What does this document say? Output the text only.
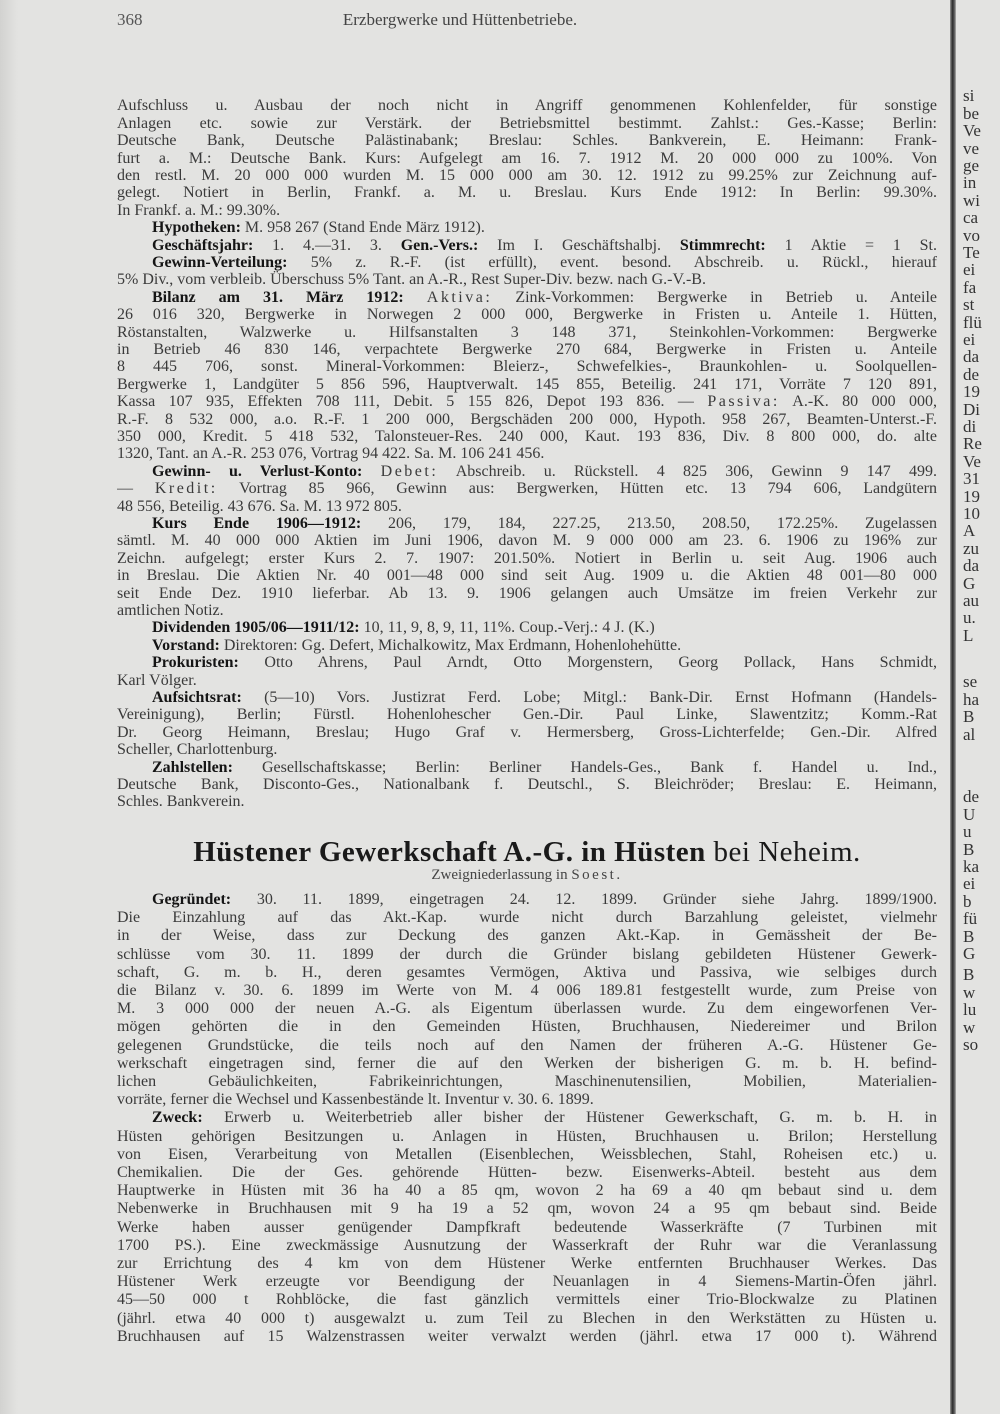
368	Erzbergwerke und Hüttenbetriebe.
Aufschluss u. Ausbau der noch nicht in Angriff genommenen Kohlenfelder, für sonstige
Anlagen etc. sowie zur Verstärk. der Betriebsmittel bestimmt. Zahlst.: Ges.-Kasse; Berlin:
Deutsche Bank, Deutsche Palästinabank; Breslau: Schles. Bankverein, E. Heimann: Frank-
furt a. M.: Deutsche Bank. Kurs: Aufgelegt am 16. 7. 1912 M. 20 000 000 zu 100%. Von
den restl. M. 20 000 000 wurden M. 15 000 000 am 30. 12. 1912 zu 99.25% zur Zeichnung auf-
gelegt. Notiert in Berlin, Frankf. a. M. u. Breslau. Kurs Ende 1912: In Berlin: 99.30%.
In Frankf. a. M.: 99.30%.
Hypotheken: M. 958 267 (Stand Ende März 1912).
Geschäftsjahr: 1. 4.—31. 3. Gen.-Vers.: Im I. Geschäftshalbj. Stimmrecht: 1 Aktie = 1 St.
Gewinn-Verteilung: 5% z. R.-F. (ist erfüllt), event. besond. Abschreib. u. Rückl., hierauf
5% Div., vom verbleib. Überschuss 5% Tant. an A.-R., Rest Super-Div. bezw. nach G.-V.-B.
Bilanz am 31. März 1912: Aktiva: Zink-Vorkommen: Bergwerke in Betrieb u. Anteile
26 016 320, Bergwerke in Norwegen 2 000 000, Bergwerke in Fristen u. Anteile 1. Hütten,
Röstanstalten, Walzwerke u. Hilfsanstalten 3 148 371, Steinkohlen-Vorkommen: Bergwerke
in Betrieb 46 830 146, verpachtete Bergwerke 270 684, Bergwerke in Fristen u. Anteile
8 445 706, sonst. Mineral-Vorkommen: Bleierz-, Schwefelkies-, Braunkohlen- u. Soolquellen-
Bergwerke 1, Landgüter 5 856 596, Hauptverwalt. 145 855, Beteilig. 241 171, Vorräte 7 120 891,
Kassa 107 935, Effekten 708 111, Debit. 5 155 826, Depot 193 836. — Passiva: A.-K. 80 000 000,
R.-F. 8 532 000, a.o. R.-F. 1 200 000, Bergschäden 200 000, Hypoth. 958 267, Beamten-Unterst.-F.
350 000, Kredit. 5 418 532, Talonsteuer-Res. 240 000, Kaut. 193 836, Div. 8 800 000, do. alte
1320, Tant. an A.-R. 253 076, Vortrag 94 422. Sa. M. 106 241 456.
Gewinn- u. Verlust-Konto: Debet: Abschreib. u. Rückstell. 4 825 306, Gewinn 9 147 499.
— Kredit: Vortrag 85 966, Gewinn aus: Bergwerken, Hütten etc. 13 794 606, Landgütern
48 556, Beteilig. 43 676. Sa. M. 13 972 805.
Kurs Ende 1906—1912: 206, 179, 184, 227.25, 213.50, 208.50, 172.25%. Zugelassen
sämtl. M. 40 000 000 Aktien im Juni 1906, davon M. 9 000 000 am 23. 6. 1906 zu 196% zur
Zeichn. aufgelegt; erster Kurs 2. 7. 1907: 201.50%. Notiert in Berlin u. seit Aug. 1906 auch
in Breslau. Die Aktien Nr. 40 001—48 000 sind seit Aug. 1909 u. die Aktien 48 001—80 000
seit Ende Dez. 1910 lieferbar. Ab 13. 9. 1906 gelangen auch Umsätze im freien Verkehr zur
amtlichen Notiz.
Dividenden 1905/06—1911/12: 10, 11, 9, 8, 9, 11, 11%. Coup.-Verj.: 4 J. (K.)
Vorstand: Direktoren: Gg. Defert, Michalkowitz, Max Erdmann, Hohenlohehütte.
Prokuristen: Otto Ahrens, Paul Arndt, Otto Morgenstern, Georg Pollack, Hans Schmidt,
Karl Völger.
Aufsichtsrat: (5—10) Vors. Justizrat Ferd. Lobe; Mitgl.: Bank-Dir. Ernst Hofmann (Handels-
Vereinigung), Berlin; Fürstl. Hohenlohescher Gen.-Dir. Paul Linke, Slawentzitz; Komm.-Rat
Dr. Georg Heimann, Breslau; Hugo Graf v. Hermersberg, Gross-Lichterfelde; Gen.-Dir. Alfred
Scheller, Charlottenburg.
Zahlstellen: Gesellschaftskasse; Berlin: Berliner Handels-Ges., Bank f. Handel u. Ind.,
Deutsche Bank, Disconto-Ges., Nationalbank f. Deutschl., S. Bleichröder; Breslau: E. Heimann,
Schles. Bankverein.
Hüstener Gewerkschaft A.-G. in Hüsten bei Neheim.
Zweigniederlassung in Soest.
Gegründet: 30. 11. 1899, eingetragen 24. 12. 1899. Gründer siehe Jahrg. 1899/1900.
Die Einzahlung auf das Akt.-Kap. wurde nicht durch Barzahlung geleistet, vielmehr
in der Weise, dass zur Deckung des ganzen Akt.-Kap. in Gemässheit der Be-
schlüsse vom 30. 11. 1899 der durch die Gründer bislang gebildeten Hüstener Gewerk-
schaft, G. m. b. H., deren gesamtes Vermögen, Aktiva und Passiva, wie selbiges durch
die Bilanz v. 30. 6. 1899 im Werte von M. 4 006 189.81 festgestellt wurde, zum Preise von
M. 3 000 000 der neuen A.-G. als Eigentum überlassen wurde. Zu dem eingeworfenen Ver-
mögen gehörten die in den Gemeinden Hüsten, Bruchhausen, Niedereimer und Brilon
gelegenen Grundstücke, die teils noch auf den Namen der früheren A.-G. Hüstener Ge-
werkschaft eingetragen sind, ferner die auf den Werken der bisherigen G. m. b. H. befind-
lichen Gebäulichkeiten, Fabrikeinrichtungen, Maschinenutensilien, Mobilien, Materialien-
vorräte, ferner die Wechsel und Kassenbestände lt. Inventur v. 30. 6. 1899.
Zweck: Erwerb u. Weiterbetrieb aller bisher der Hüstener Gewerkschaft, G. m. b. H. in
Hüsten gehörigen Besitzungen u. Anlagen in Hüsten, Bruchhausen u. Brilon; Herstellung
von Eisen, Verarbeitung von Metallen (Eisenblechen, Weissblechen, Stahl, Roheisen etc.) u.
Chemikalien. Die der Ges. gehörende Hütten- bezw. Eisenwerks-Abteil. besteht aus dem
Hauptwerke in Hüsten mit 36 ha 40 a 85 qm, wovon 2 ha 69 a 40 qm bebaut sind u. dem
Nebenwerke in Bruchhausen mit 9 ha 19 a 52 qm, wovon 24 a 95 qm bebaut sind. Beide
Werke haben ausser genügender Dampfkraft bedeutende Wasserkräfte (7 Turbinen mit
1700 PS.). Eine zweckmässige Ausnutzung der Wasserkraft der Ruhr war die Veranlassung
zur Errichtung des 4 km von dem Hüstener Werke entfernten Bruchhauser Werkes. Das
Hüstener Werk erzeugte vor Beendigung der Neuanlagen in 4 Siemens-Martin-Öfen jährl.
45—50 000 t Rohblöcke, die fast gänzlich vermittels einer Trio-Blockwalze zu Platinen
(jährl. etwa 40 000 t) ausgewalzt u. zum Teil zu Blechen in den Werkstätten zu Hüsten u.
Bruchhausen auf 15 Walzenstrassen weiter verwalzt werden (jährl. etwa 17 000 t). Während
si
be
Ve
ve
ge
in
wi
ca
vo
Te
ei
fa
st
flü
ei
da
de
19
Di
di
Re
Ve
31
19
10
A
zu
da
G
au
u.
L
se
ha
B
al
de
U
u
B
ka
ei
b
fü
B
G
B
w
lu
w
so
